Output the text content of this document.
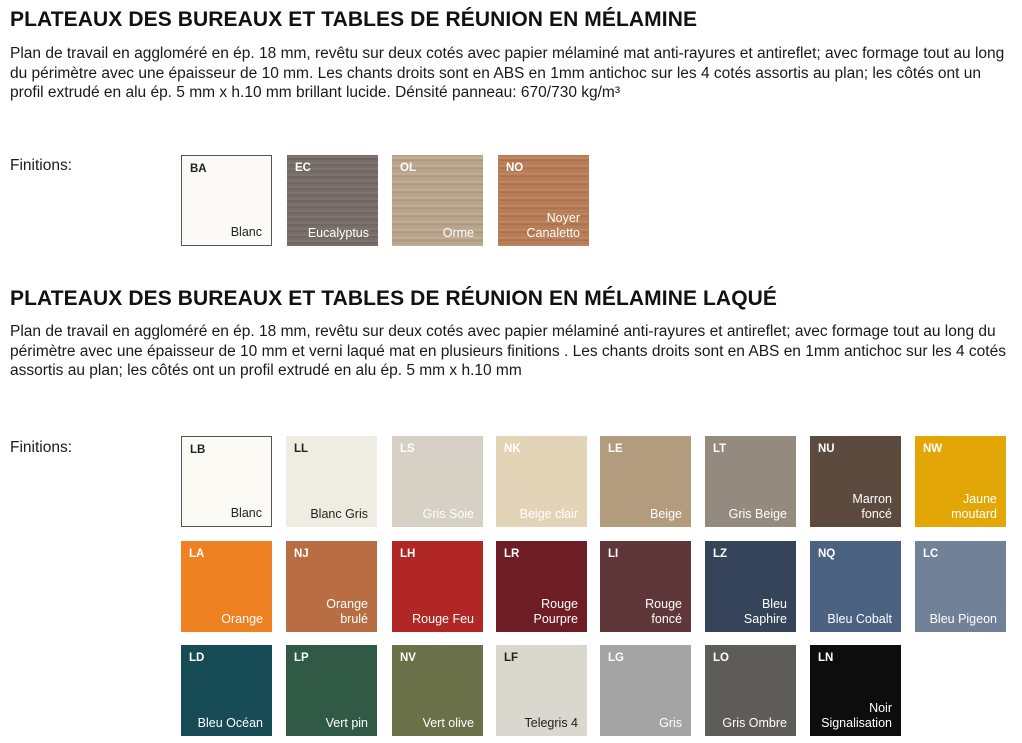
PLATEAUX DES BUREAUX ET TABLES DE RÉUNION EN MÉLAMINE

Plan de travail en aggloméré en ép. 18 mm, revêtu sur deux cotés avec papier mélaminé mat anti-rayures et antireflet; avec formage tout au long du périmètre avec une épaisseur de 10 mm. Les chants droits sont en ABS en 1mm antichoc sur les 4 cotés assortis au plan; les côtés ont un profil extrudé en alu ép. 5 mm x h.10 mm brillant lucide. Dénsité panneau: 670/730 kg/m³

Finitions:	BA
Blanc
EC
Eucalyptus
OL
Orme
NO
Noyer
Canaletto
PLATEAUX DES BUREAUX ET TABLES DE RÉUNION EN MÉLAMINE LAQUÉ

Plan de travail en aggloméré en ép. 18 mm, revêtu sur deux cotés avec papier mélaminé anti-rayures et antireflet; avec formage tout au long du périmètre avec une épaisseur de 10 mm et verni laqué mat en plusieurs finitions . Les chants droits sont en ABS en 1mm antichoc sur les 4 cotés assortis au plan; les côtés ont un profil extrudé en alu ép. 5 mm x h.10 mm

Finitions:	LB
Blanc
LL
Blanc Gris
LS
Gris Soie
NK
Beige clair
LE
Beige
LT
Gris Beige
NU
Marron
foncé
NW
Jaune
moutard
LA
Orange
NJ
Orange
brulé
LH
Rouge Feu
LR
Rouge
Pourpre
LI
Rouge
foncé
LZ
Bleu
Saphire
NQ
Bleu Cobalt
LC
Bleu Pigeon
LD
Bleu Océan
LP
Vert pin
NV
Vert olive
LF
Telegris 4
LG
Gris
LO
Gris Ombre
LN
Noir
Signalisation
